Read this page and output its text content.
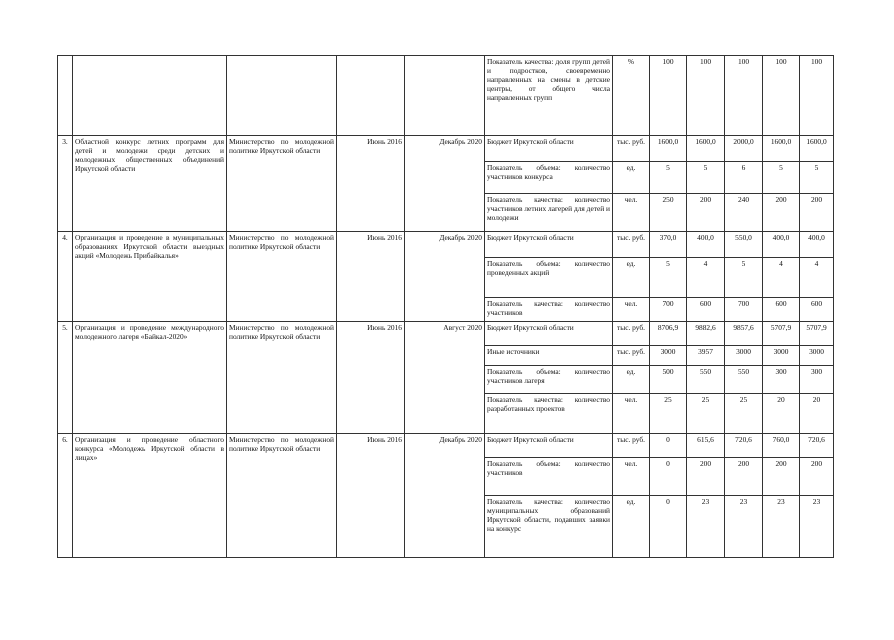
					Показатель качества: доля групп детей и подростков, своевременно направленных на смены в детские центры, от общего числа направленных групп	%	100	100	100	100	100
3.	Областной конкурс летних программ для детей и молодежи среди детских и молодежных общественных объединений Иркутской области	Министерство по молодежной политике Иркутской области	Июнь 2016	Декабрь 2020	Бюджет Иркутской области	тыс. руб.	1600,0	1600,0	2000,0	1600,0	1600,0
					Показатель объема: количество участников конкурса	ед.	5	5	6	5	5
					Показатель качества: количество участников летних лагерей для детей и молодежи	чел.	250	200	240	200	200
4.	Организация и проведение в муниципальных образованиях Иркутской области выездных акций «Молодежь Прибайкалья»	Министерство по молодежной политике Иркутской области	Июнь 2016	Декабрь 2020	Бюджет Иркутской области	тыс. руб.	370,0	400,0	550,0	400,0	400,0
					Показатель объема: количество проведенных акций	ед.	5	4	5	4	4
					Показатель качества: количество участников	чел.	700	600	700	600	600
5.	Организация и проведение международного молодежного лагеря «Байкал-2020»	Министерство по молодежной политике Иркутской области	Июнь 2016	Август 2020	Бюджет Иркутской области	тыс. руб.	8706,9	9882,6	9857,6	5707,9	5707,9
					Иные источники	тыс. руб.	3000	3957	3000	3000	3000
					Показатель объема: количество участников лагеря	ед.	500	550	550	300	300
					Показатель качества: количество разработанных проектов	чел.	25	25	25	20	20
6.	Организация и проведение областного конкурса «Молодежь Иркутской области в лицах»	Министерство по молодежной политике Иркутской области	Июнь 2016	Декабрь 2020	Бюджет Иркутской области	тыс. руб.	0	615,6	720,6	760,0	720,6
					Показатель объема: количество участников	чел.	0	200	200	200	200
					Показатель качества: количество муниципальных образований Иркутской области, подавших заявки на конкурс	ед.	0	23	23	23	23
